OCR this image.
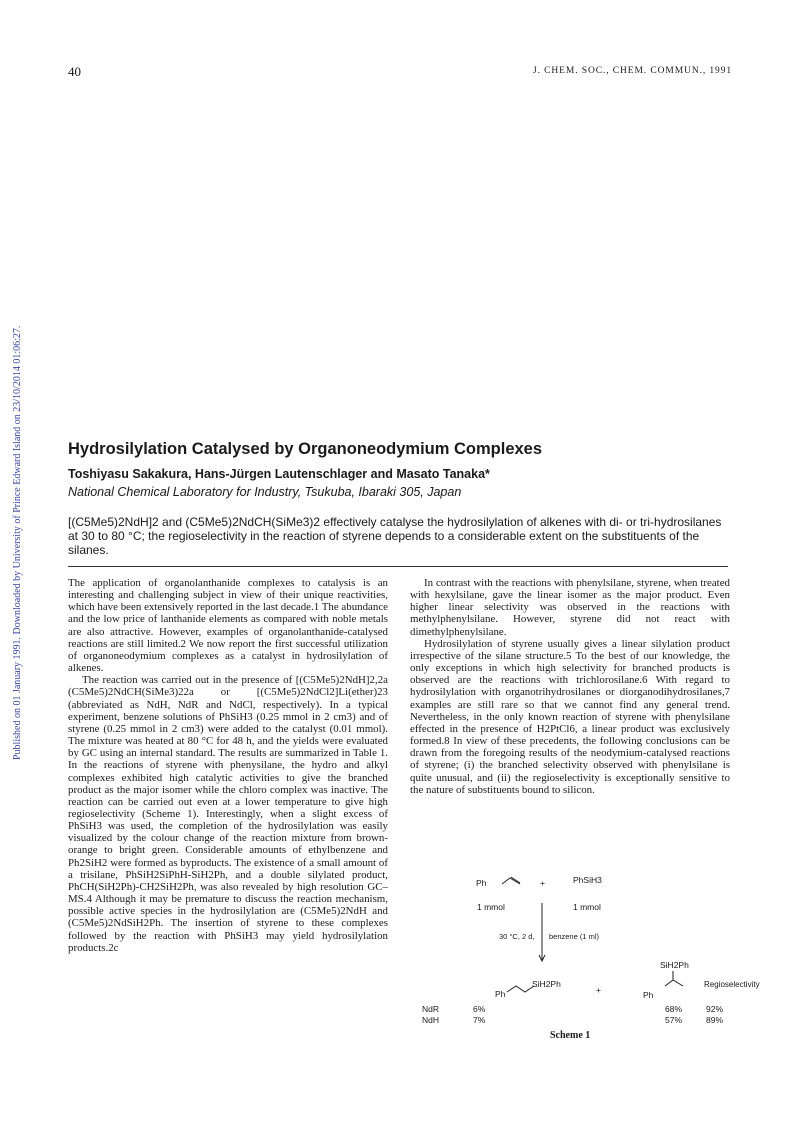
40	J. CHEM. SOC., CHEM. COMMUN., 1991
Published on 01 January 1991. Downloaded by University of Prince Edward Island on 23/10/2014 01:06:27.	Hydrosilylation Catalysed by Organoneodymium Complexes
Toshiyasu Sakakura, Hans-Jürgen Lautenschlager and Masato Tanaka*
National Chemical Laboratory for Industry, Tsukuba, Ibaraki 305, Japan
[(C5Me5)2NdH]2 and (C5Me5)2NdCH(SiMe3)2 effectively catalyse the hydrosilylation of alkenes with di- or tri-hydrosilanes at 30 to 80 °C; the regioselectivity in the reaction of styrene depends to a considerable extent on the substituents of the silanes.

The application of organolanthanide complexes to catalysis is an interesting and challenging subject in view of their unique reactivities, which have been extensively reported in the last decade.1 The abundance and the low price of lanthanide elements as compared with noble metals are also attractive. However, examples of organolanthanide-catalysed reactions are still limited.2 We now report the first successful utilization of organoneodymium complexes as a catalyst in hydrosilylation of alkenes.

The reaction was carried out in the presence of [(C5Me5)2NdH]2,2a (C5Me5)2NdCH(SiMe3)22a or [(C5Me5)2NdCl2]Li(ether)23 (abbreviated as NdH, NdR and NdCl, respectively). In a typical experiment, benzene solutions of PhSiH3 (0.25 mmol in 2 cm3) and of styrene (0.25 mmol in 2 cm3) were added to the catalyst (0.01 mmol). The mixture was heated at 80 °C for 48 h, and the yields were evaluated by GC using an internal standard. The results are summarized in Table 1. In the reactions of styrene with phenysilane, the hydro and alkyl complexes exhibited high catalytic activities to give the branched product as the major isomer while the chloro complex was inactive. The reaction can be carried out even at a lower temperature to give high regioselectivity (Scheme 1). Interestingly, when a slight excess of PhSiH3 was used, the completion of the hydrosilylation was easily visualized by the colour change of the reaction mixture from brown-orange to bright green. Considerable amounts of ethylbenzene and Ph2SiH2 were formed as byproducts. The existence of a small amount of a trisilane, PhSiH2SiPhH-SiH2Ph, and a double silylated product, PhCH(SiH2Ph)-CH2SiH2Ph, was also revealed by high resolution GC–MS.4 Although it may be premature to discuss the reaction mechanism, possible active species in the hydrosilylation are (C5Me5)2NdH and (C5Me5)2NdSiH2Ph. The insertion of styrene to these complexes followed by the reaction with PhSiH3 may yield hydrosilylation products.2c

In contrast with the reactions with phenylsilane, styrene, when treated with hexylsilane, gave the linear isomer as the major product. Even higher linear selectivity was observed in the reactions with methylphenylsilane. However, styrene did not react with dimethylphenylsilane.

Hydrosilylation of styrene usually gives a linear silylation product irrespective of the silane structure.5 To the best of our knowledge, the only exceptions in which high selectivity for branched products is observed are the reactions with trichlorosilane.6 With regard to hydrosilylation with organotrihydrosilanes or diorganodihydrosilanes,7 examples are still rare so that we cannot find any general trend. Nevertheless, in the only known reaction of styrene with phenylsilane effected in the presence of H2PtCl6, a linear product was exclusively formed.8 In view of these precedents, the following conclusions can be drawn from the foregoing results of the neodymium-catalysed reactions of styrene; (i) the branched selectivity observed with phenylsilane is quite unusual, and (ii) the regioselectivity is exceptionally sensitive to the nature of substituents bound to silicon.

Ph	+	PhSiH3
1 mmol	1 mmol
30 °C, 2 d, benzene (1 ml)
Ph
SiH2Ph
+
SiH2Ph
Ph
Regioselectivity
NdR	6%	68%	92%
NdH	7%	57%	89%
Scheme 1
